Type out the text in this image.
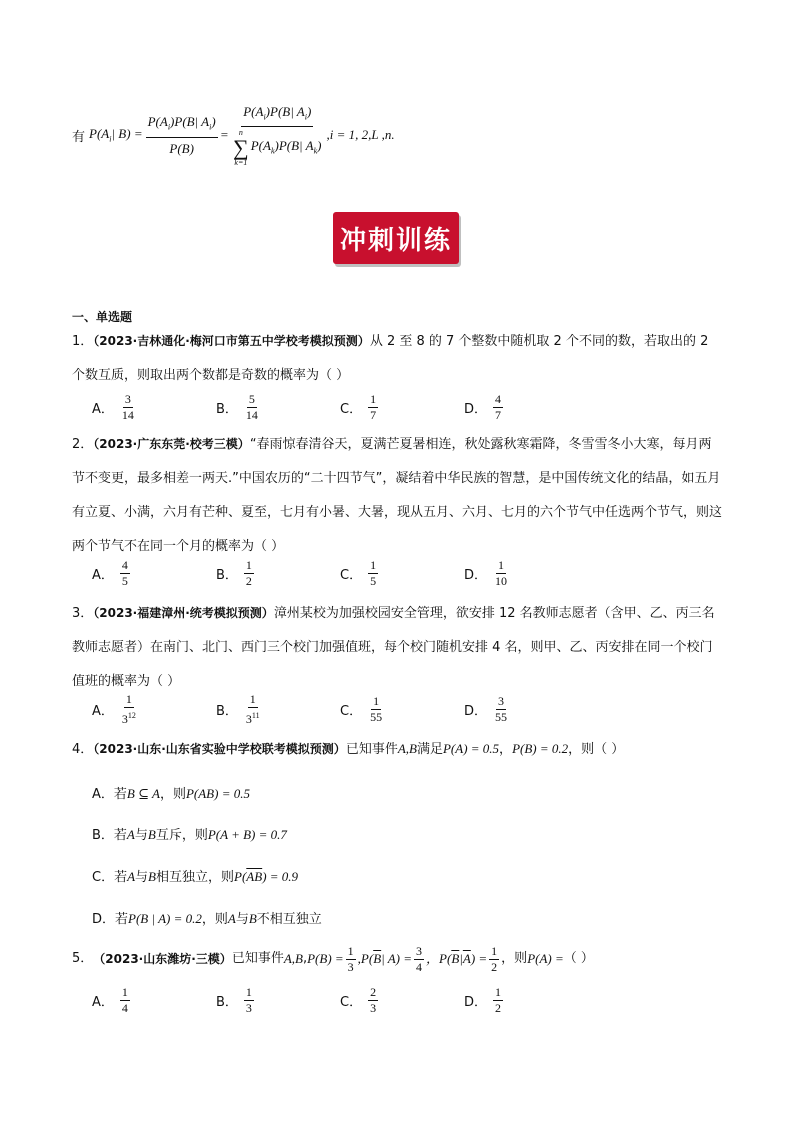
有 $P(A_i|$ $B) = \frac{P(A_i)P(B| A_i)}{P(B)} = P(A_i)P(B|$ $A_i$)
n
∑
k=1
$P(A_k)P(B|$ $A_k$) ,i = 1, 2,L ,n.
冲刺训练
一、单选题
1．（2023·吉林通化·梅河口市第五中学校考模拟预测）从 2 至 8 的 7 个整数中随机取 2 个不同的数，若取出的 2 个数互质，则取出两个数都是奇数的概率为（ ）
A．
3
14	B．
5
14	C．
1
7	D．
4
7
2．（2023·广东东莞·校考三模）“春雨惊春清谷天，夏满芒夏暑相连，秋处露秋寒霜降，冬雪雪冬小大寒，每月两节不变更，最多相差一两天.”中国农历的“二十四节气”，凝结着中华民族的智慧，是中国传统文化的结晶，如五月有立夏、小满，六月有芒种、夏至，七月有小暑、大暑，现从五月、六月、七月的六个节气中任选两个节气，则这两个节气不在同一个月的概率为（ ）
A．
4
5	B．
1
2	C．
1
5	D．
1
10
3．（2023·福建漳州·统考模拟预测）漳州某校为加强校园安全管理，欲安排 12 名教师志愿者（含甲、乙、丙三名教师志愿者）在南门、北门、西门三个校门加强值班，每个校门随机安排 4 名，则甲、乙、丙安排在同一个校门值班的概率为（ ）
A．
1
$3^{12}$	B．
1
$3^{11}$	C．
1
55	D．
3
55
4．（2023·山东·山东省实验中学校联考模拟预测）已知事件A,B满足P(A) = 0.5，P(B) = 0.2，则（ ）
A．若B ⊆ A，则P(AB) = 0.5
B．若A与B互斥，则P(A + B) = 0.7
C．若A与B相互独立，则$P(\overline{AB}) = 0.9$
D．若P(B | A) = 0.2，则A与B不相互独立
5． （2023·山东潍坊·三模） 已知事件 A,B , $P(B) = \frac{1}{3} ,P(\overline{B}|$ $A) = \frac{3}{4}$ ，$P(\overline{B}|\overline{A}) = \frac{1}{2}$ ，则 P(A) = （ ）
A．
1
4	B．
1
3	C．
2
3	D．
1
2
